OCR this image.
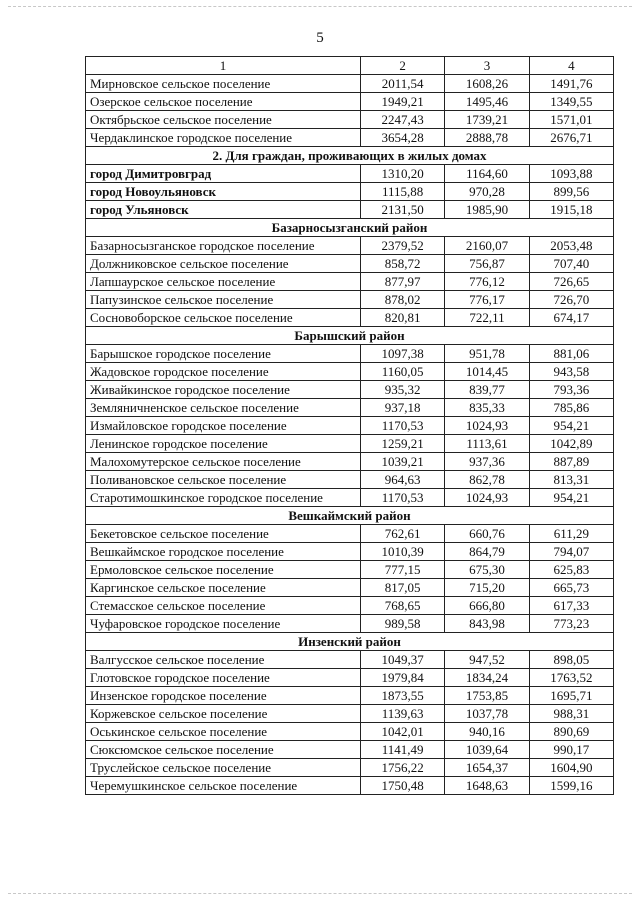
5
1	2	3	4
Мирновское сельское поселение	2011,54	1608,26	1491,76
Озерское сельское поселение	1949,21	1495,46	1349,55
Октябрьское сельское поселение	2247,43	1739,21	1571,01
Чердаклинское городское поселение	3654,28	2888,78	2676,71
2. Для граждан, проживающих в жилых домах			
город Димитровград	1310,20	1164,60	1093,88
город Новоульяновск	1115,88	970,28	899,56
город Ульяновск	2131,50	1985,90	1915,18
Базарносызганский район			
Базарносызганское городское поселение	2379,52	2160,07	2053,48
Должниковское сельское поселение	858,72	756,87	707,40
Лапшаурское сельское поселение	877,97	776,12	726,65
Папузинское сельское поселение	878,02	776,17	726,70
Сосновоборское сельское поселение	820,81	722,11	674,17
Барышский район			
Барышское городское поселение	1097,38	951,78	881,06
Жадовское городское поселение	1160,05	1014,45	943,58
Живайкинское городское поселение	935,32	839,77	793,36
Земляничненское сельское поселение	937,18	835,33	785,86
Измайловское городское поселение	1170,53	1024,93	954,21
Ленинское городское поселение	1259,21	1113,61	1042,89
Малохомутерское сельское поселение	1039,21	937,36	887,89
Поливановское сельское поселение	964,63	862,78	813,31
Старотимошкинское городское поселение	1170,53	1024,93	954,21
Вешкаймский район			
Бекетовское сельское поселение	762,61	660,76	611,29
Вешкаймское городское поселение	1010,39	864,79	794,07
Ермоловское сельское поселение	777,15	675,30	625,83
Каргинское сельское поселение	817,05	715,20	665,73
Стемасское сельское поселение	768,65	666,80	617,33
Чуфаровское городское поселение	989,58	843,98	773,23
Инзенский район			
Валгусское сельское поселение	1049,37	947,52	898,05
Глотовское городское поселение	1979,84	1834,24	1763,52
Инзенское городское поселение	1873,55	1753,85	1695,71
Коржевское сельское поселение	1139,63	1037,78	988,31
Оськинское сельское поселение	1042,01	940,16	890,69
Сюксюмское сельское поселение	1141,49	1039,64	990,17
Труслейское сельское поселение	1756,22	1654,37	1604,90
Черемушкинское сельское поселение	1750,48	1648,63	1599,16
